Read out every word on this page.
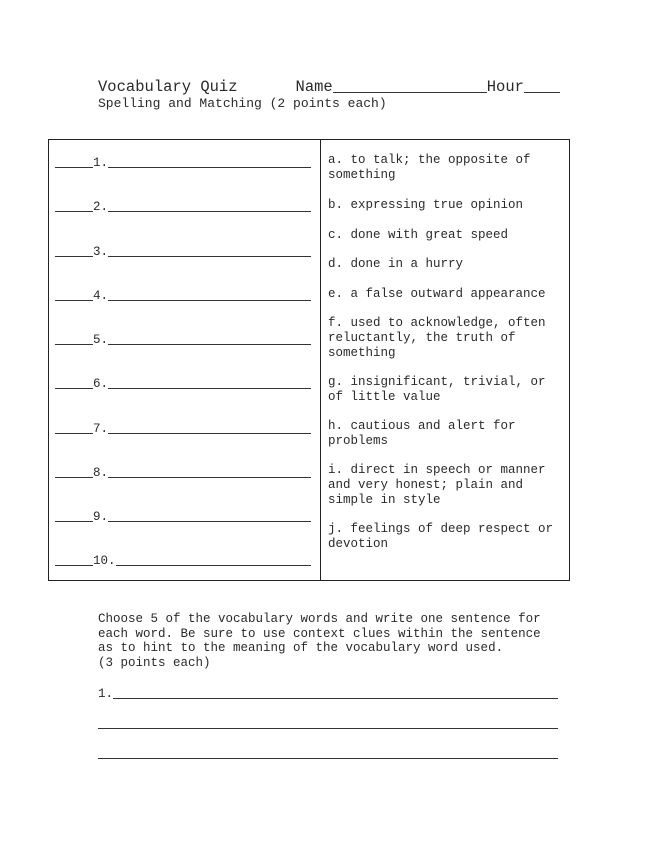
Vocabulary Quiz	Name	Hour
Spelling and Matching (2 points each)
1.
2.
3.
4.
5.
6.
7.
8.
9.
10.
a. to talk; the opposite of something
b. expressing true opinion
c. done with great speed
d. done in a hurry
e. a false outward appearance
f. used to acknowledge, often reluctantly, the truth of something
g. insignificant, trivial, or of little value
h. cautious and alert for problems
i. direct in speech or manner and very honest; plain and simple in style
j. feelings of deep respect or devotion
Choose 5 of the vocabulary words and write one sentence for
each word. Be sure to use context clues within the sentence
as to hint to the meaning of the vocabulary word used.
(3 points each)
1.
